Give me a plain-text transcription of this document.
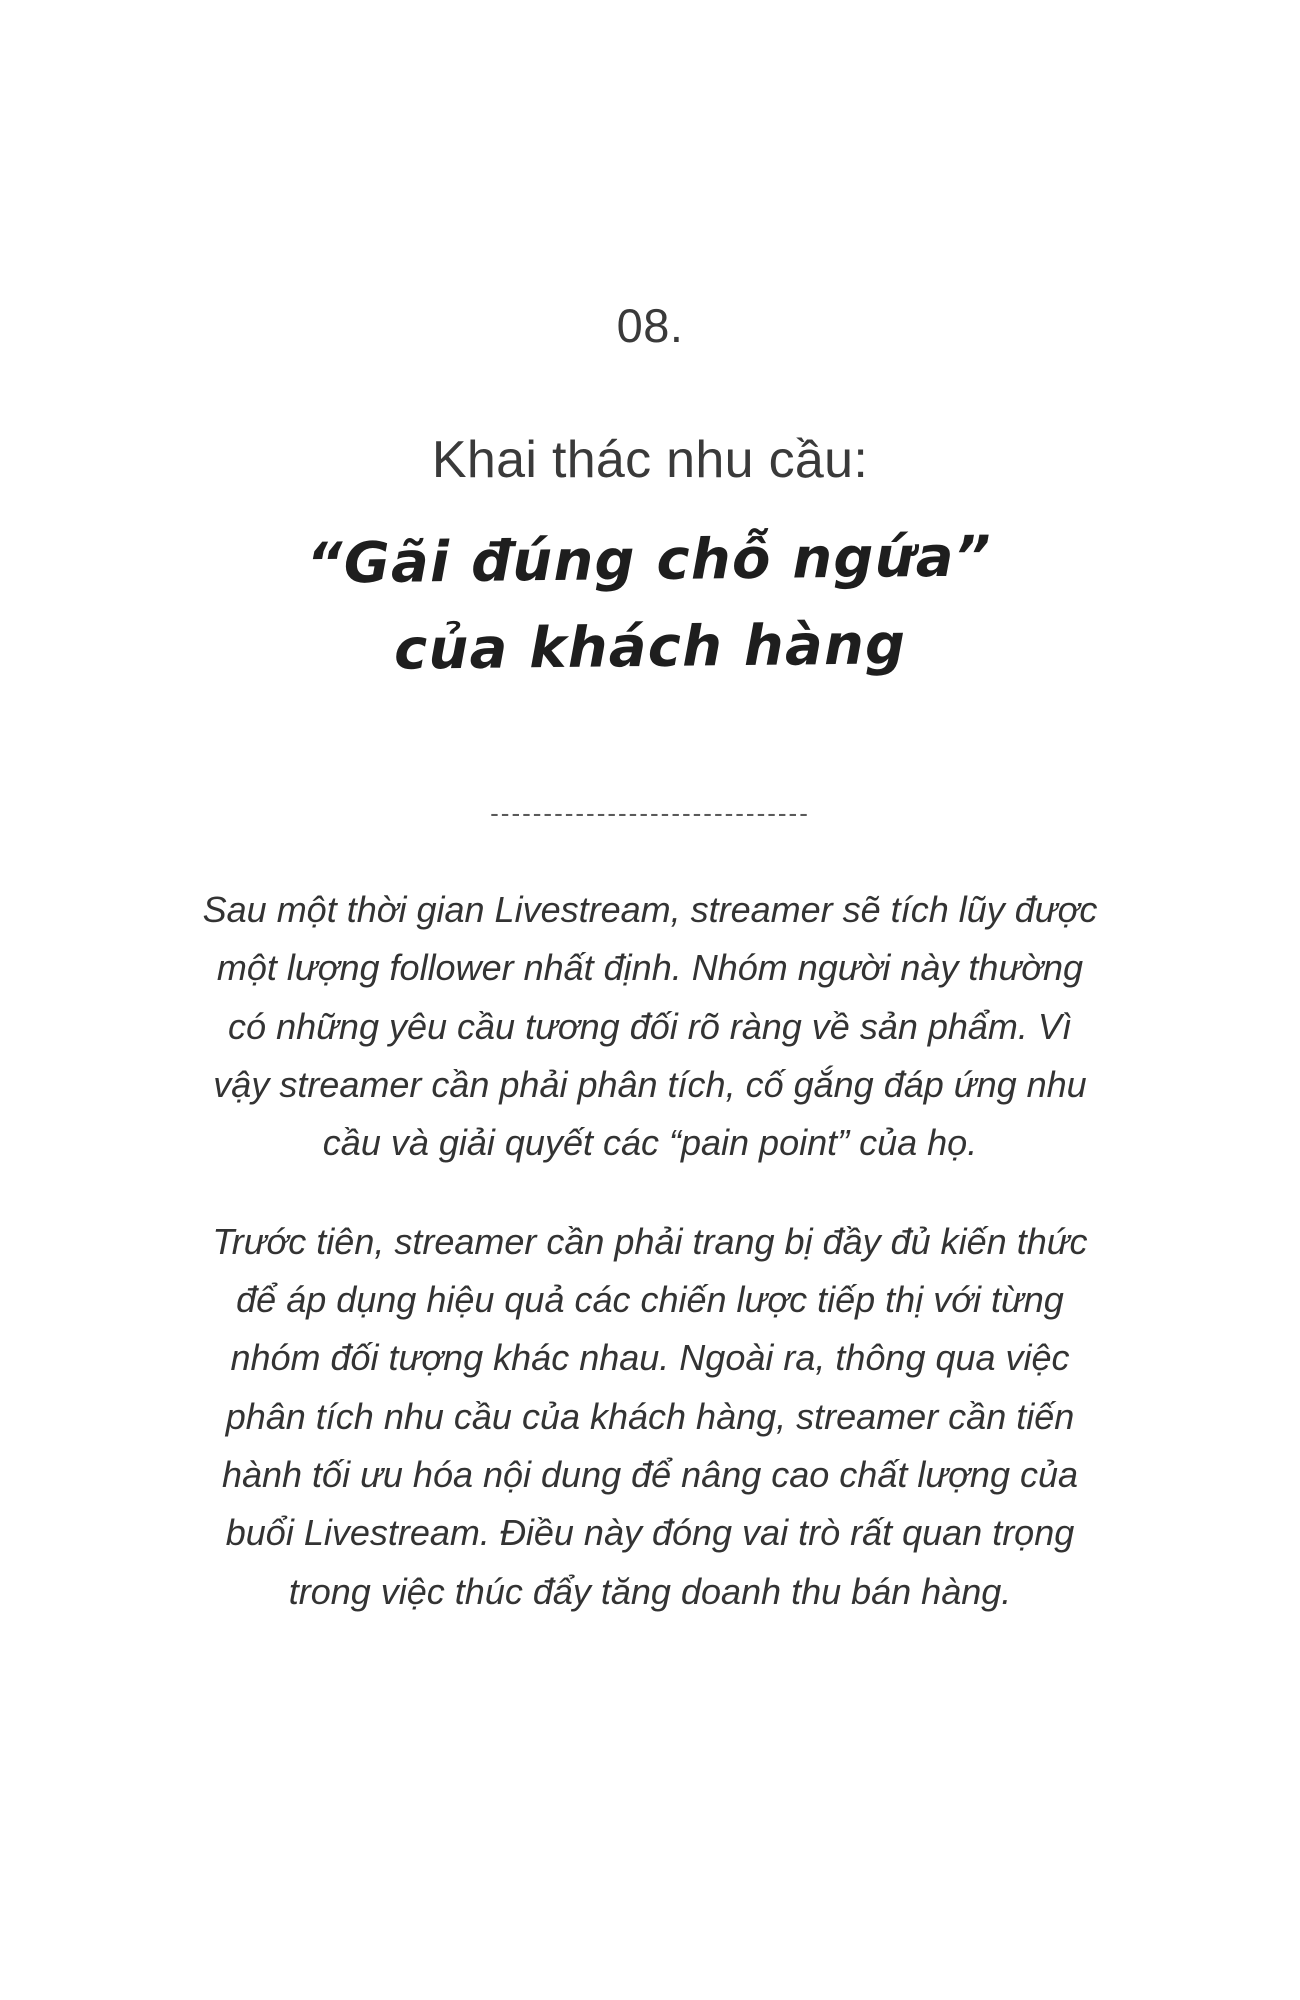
08.
Khai thác nhu cầu:
“Gãi đúng chỗ ngứa”
của khách hàng
------------------------------

Sau một thời gian Livestream, streamer sẽ tích lũy được một lượng follower nhất định. Nhóm người này thường có những yêu cầu tương đối rõ ràng về sản phẩm. Vì vậy streamer cần phải phân tích, cố gắng đáp ứng nhu cầu và giải quyết các “pain point” của họ.

Trước tiên, streamer cần phải trang bị đầy đủ kiến thức để áp dụng hiệu quả các chiến lược tiếp thị với từng nhóm đối tượng khác nhau. Ngoài ra, thông qua việc phân tích nhu cầu của khách hàng, streamer cần tiến hành tối ưu hóa nội dung để nâng cao chất lượng của buổi Livestream. Điều này đóng vai trò rất quan trọng trong việc thúc đẩy tăng doanh thu bán hàng.
